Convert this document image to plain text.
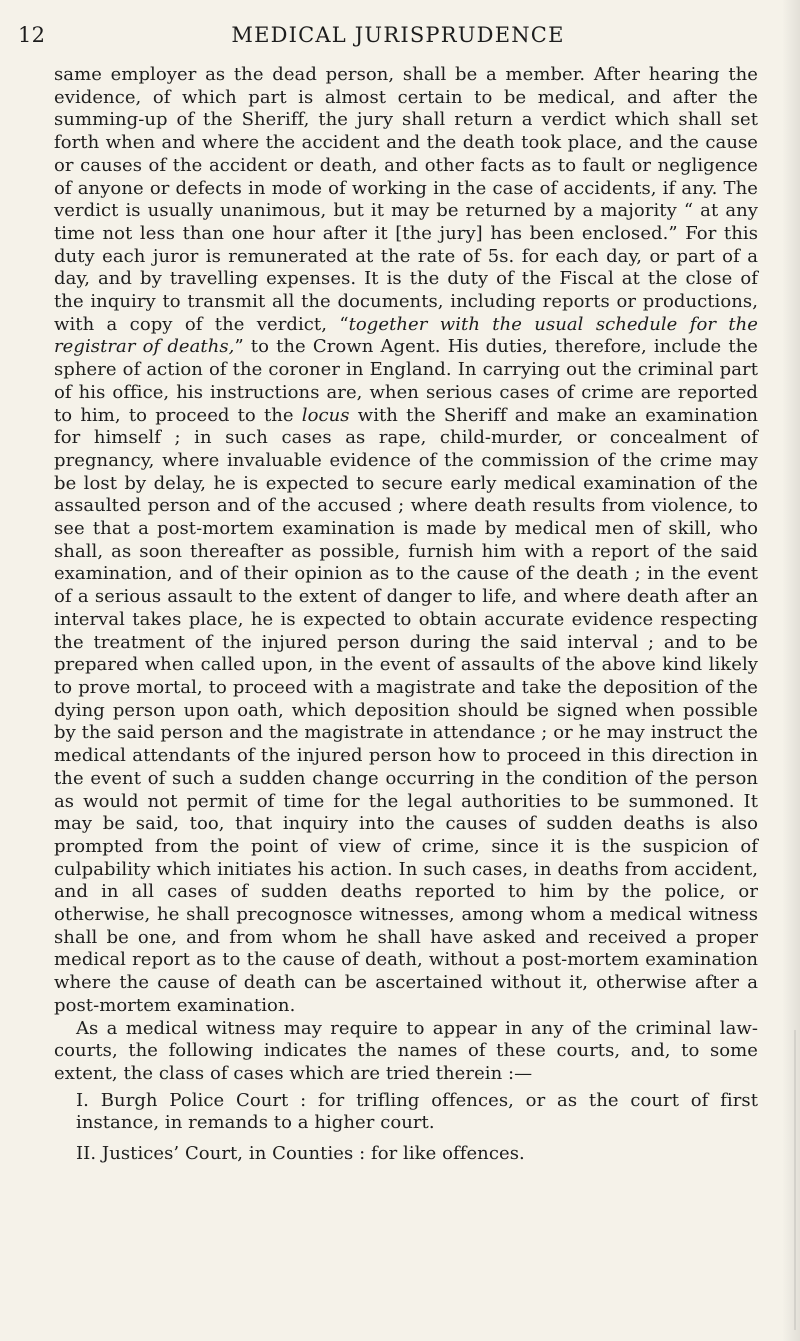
12	MEDICAL JURISPRUDENCE

same employer as the dead person, shall be a member. After hearing the evidence, of which part is almost certain to be medical, and after the summing-up of the Sheriff, the jury shall return a verdict which shall set forth when and where the accident and the death took place, and the cause or causes of the accident or death, and other facts as to fault or negligence of anyone or defects in mode of working in the case of accidents, if any. The verdict is usually unanimous, but it may be returned by a majority “ at any time not less than one hour after it [the jury] has been enclosed.” For this duty each juror is remunerated at the rate of 5s. for each day, or part of a day, and by travelling expenses. It is the duty of the Fiscal at the close of the inquiry to transmit all the documents, including reports or productions, with a copy of the verdict, “together with the usual schedule for the registrar of deaths,” to the Crown Agent. His duties, therefore, include the sphere of action of the coroner in England. In carrying out the criminal part of his office, his instructions are, when serious cases of crime are reported to him, to proceed to the locus with the Sheriff and make an examination for himself ; in such cases as rape, child-murder, or concealment of pregnancy, where invaluable evidence of the commission of the crime may be lost by delay, he is expected to secure early medical examination of the assaulted person and of the accused ; where death results from violence, to see that a post-mortem examination is made by medical men of skill, who shall, as soon thereafter as possible, furnish him with a report of the said examination, and of their opinion as to the cause of the death ; in the event of a serious assault to the extent of danger to life, and where death after an interval takes place, he is expected to obtain accurate evidence respecting the treatment of the injured person during the said interval ; and to be prepared when called upon, in the event of assaults of the above kind likely to prove mortal, to proceed with a magistrate and take the deposition of the dying person upon oath, which deposition should be signed when possible by the said person and the magistrate in attendance ; or he may instruct the medical attendants of the injured person how to proceed in this direction in the event of such a sudden change occurring in the condition of the person as would not permit of time for the legal authorities to be summoned. It may be said, too, that inquiry into the causes of sudden deaths is also prompted from the point of view of crime, since it is the suspicion of culpability which initiates his action. In such cases, in deaths from accident, and in all cases of sudden deaths reported to him by the police, or otherwise, he shall precognosce witnesses, among whom a medical witness shall be one, and from whom he shall have asked and received a proper medical report as to the cause of death, without a post-mortem examination where the cause of death can be ascertained without it, otherwise after a post-mortem examination.

As a medical witness may require to appear in any of the criminal law-courts, the following indicates the names of these courts, and, to some extent, the class of cases which are tried therein :—

I. Burgh Police Court : for trifling offences, or as the court of first instance, in remands to a higher court.

II. Justices’ Court, in Counties : for like offences.
